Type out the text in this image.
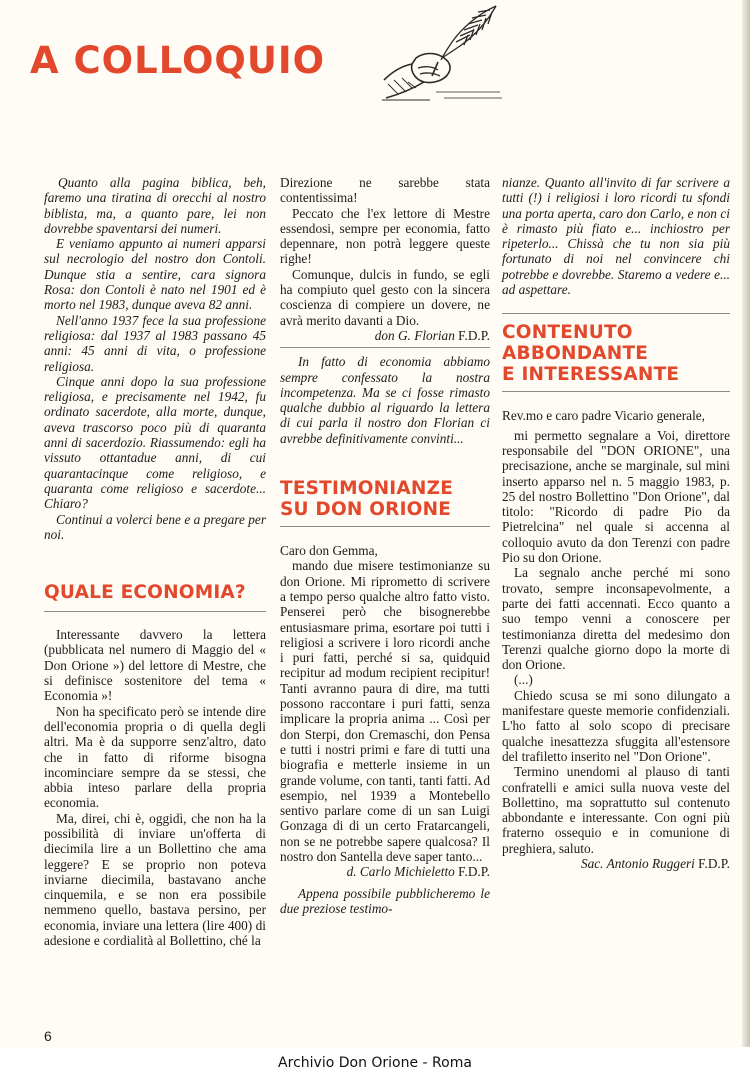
A COLLOQUIO

Quanto alla pagina biblica, beh, faremo una tiratina di orecchi al nostro biblista, ma, a quanto pare, lei non dovrebbe spaventarsi dei numeri.

E veniamo appunto ai numeri apparsi sul necrologio del nostro don Contoli. Dunque stia a sentire, cara signora Rosa: don Contoli è nato nel 1901 ed è morto nel 1983, dunque aveva 82 anni.

Nell'anno 1937 fece la sua professione religiosa: dal 1937 al 1983 passano 45 anni: 45 anni di vita, o professione religiosa.

Cinque anni dopo la sua professione religiosa, e precisamente nel 1942, fu ordinato sacerdote, alla morte, dunque, aveva trascorso poco più di quaranta anni di sacerdozio. Riassumendo: egli ha vissuto ottantadue anni, di cui quarantacinque come religioso, e quaranta come religioso e sacerdote... Chiaro?

Continui a volerci bene e a pregare per noi.

QUALE ECONOMIA?

Interessante davvero la lettera (pubblicata nel numero di Maggio del « Don Orione ») del lettore di Mestre, che si definisce sostenitore del tema « Economia »!

Non ha specificato però se intende dire dell'economia propria o di quella degli altri. Ma è da supporre senz'altro, dato che in fatto di riforme bisogna incominciare sempre da se stessi, che abbia inteso parlare della propria economia.

Ma, direi, chi è, oggidì, che non ha la possibilità di inviare un'offerta di diecimila lire a un Bollettino che ama leggere? E se proprio non poteva inviarne diecimila, bastavano anche cinquemila, e se non era possibile nemmeno quello, bastava persino, per economia, inviare una lettera (lire 400) di adesione e cordialità al Bollettino, ché la

Direzione ne sarebbe stata contentissima!

Peccato che l'ex lettore di Mestre essendosi, sempre per economia, fatto depennare, non potrà leggere queste righe!

Comunque, dulcis in fundo, se egli ha compiuto quel gesto con la sincera coscienza di compiere un dovere, ne avrà merito davanti a Dio.

don G. Florian F.D.P.

In fatto di economia abbiamo sempre confessato la nostra incompetenza. Ma se ci fosse rimasto qualche dubbio al riguardo la lettera di cui parla il nostro don Florian ci avrebbe definitivamente convinti...

TESTIMONIANZE
SU DON ORIONE

Caro don Gemma,

mando due misere testimonianze su don Orione. Mi riprometto di scrivere a tempo perso qualche altro fatto visto. Penserei però che bisognerebbe entusiasmare prima, esortare poi tutti i religiosi a scrivere i loro ricordi anche i puri fatti, perché si sa, quidquid recipitur ad modum recipient recipitur! Tanti avranno paura di dire, ma tutti possono raccontare i puri fatti, senza implicare la propria anima ... Così per don Sterpi, don Cremaschi, don Pensa e tutti i nostri primi e fare di tutti una biografia e metterle insieme in un grande volume, con tanti, tanti fatti. Ad esempio, nel 1939 a Montebello sentivo parlare come di un san Luigi Gonzaga di di un certo Fratarcangeli, non se ne potrebbe sapere qualcosa? Il nostro don Santella deve saper tanto...

d. Carlo Michieletto F.D.P.

Appena possibile pubblicheremo le due preziose testimo-

nianze. Quanto all'invito di far scrivere a tutti (!) i religiosi i loro ricordi tu sfondi una porta aperta, caro don Carlo, e non ci è rimasto più fiato e... inchiostro per ripeterlo... Chissà che tu non sia più fortunato di noi nel convincere chi potrebbe e dovrebbe. Staremo a vedere e... ad aspettare.

CONTENUTO
ABBONDANTE
E INTERESSANTE

Rev.mo e caro padre Vicario generale,

mi permetto segnalare a Voi, direttore responsabile del "DON ORIONE", una precisazione, anche se marginale, sul mini inserto apparso nel n. 5 maggio 1983, p. 25 del nostro Bollettino "Don Orione", dal titolo: "Ricordo di padre Pio da Pietrelcina" nel quale si accenna al colloquio avuto da don Terenzi con padre Pio su don Orione.

La segnalo anche perché mi sono trovato, sempre inconsapevolmente, a parte dei fatti accennati. Ecco quanto a suo tempo venni a conoscere per testimonianza diretta del medesimo don Terenzi qualche giorno dopo la morte di don Orione.

(...)

Chiedo scusa se mi sono dilungato a manifestare queste memorie confidenziali. L'ho fatto al solo scopo di precisare qualche inesattezza sfuggita all'estensore del trafiletto inserito nel "Don Orione".

Termino unendomi al plauso di tanti confratelli e amici sulla nuova veste del Bollettino, ma soprattutto sul contenuto abbondante e interessante. Con ogni più fraterno ossequio e in comunione di preghiera, saluto.

Sac. Antonio Ruggeri F.D.P.

6
Archivio Don Orione - Roma
